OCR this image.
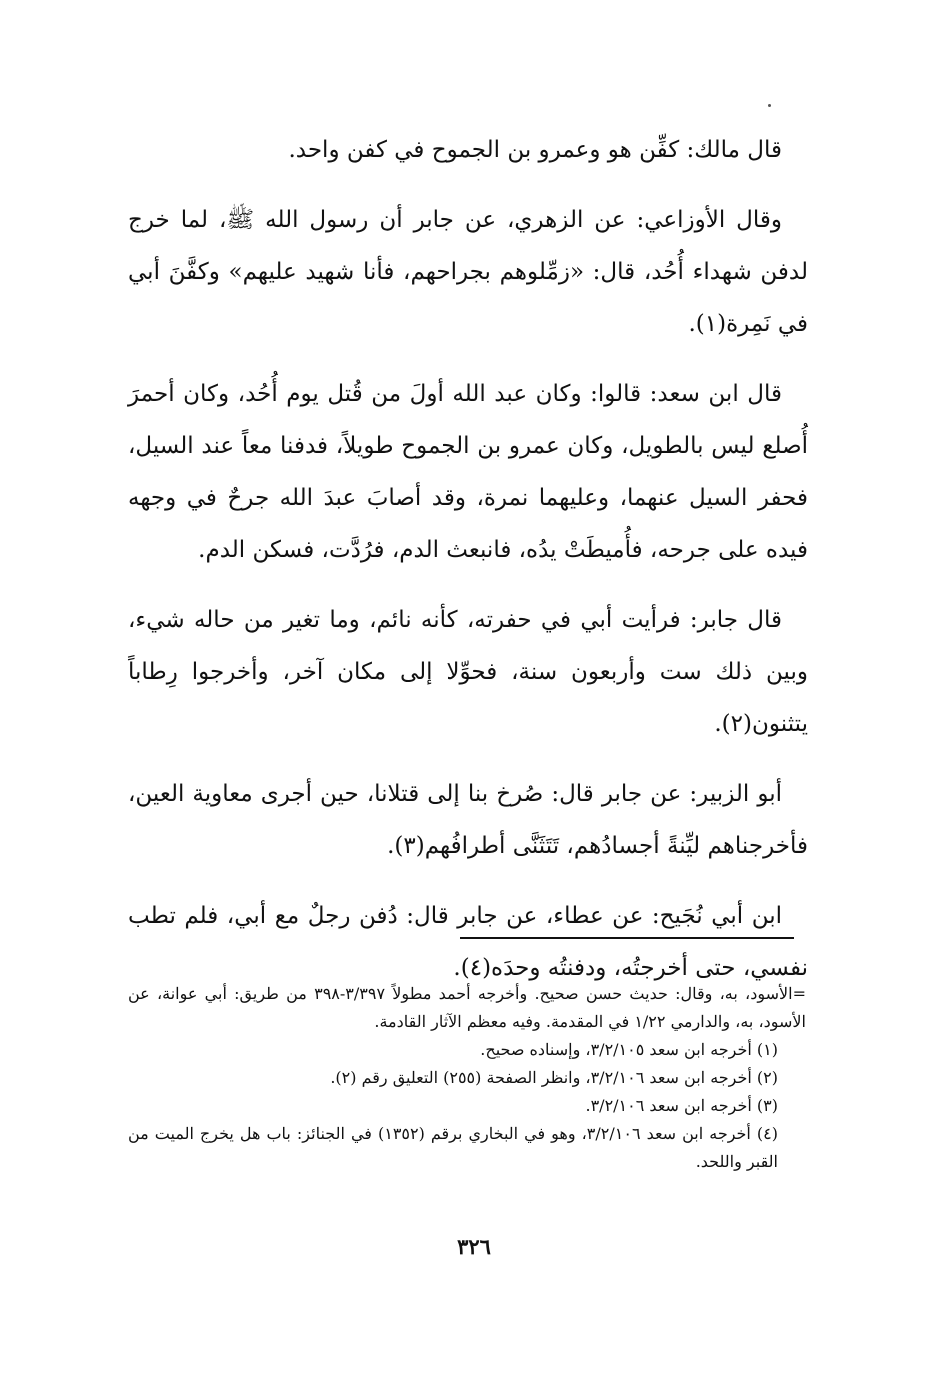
قال مالك: كفِّن هو وعمرو بن الجموح في كفن واحد.

وقال الأوزاعي: عن الزهري، عن جابر أن رسول الله ﷺ، لما خرج لدفن شهداء أُحُد، قال: «زمِّلوهم بجراحهم، فأنا شهيد عليهم» وكفَّنَ أبي في نَمِرة(١).

قال ابن سعد: قالوا: وكان عبد الله أولَ من قُتل يوم أُحُد، وكان أحمرَ أُصلع ليس بالطويل، وكان عمرو بن الجموح طويلاً، فدفنا معاً عند السيل، فحفر السيل عنهما، وعليهما نمرة، وقد أصابَ عبدَ الله جرحٌ في وجهه فيده على جرحه، فأُميطَتْ يدُه، فانبعث الدم، فرُدَّت، فسكن الدم.

قال جابر: فرأيت أبي في حفرته، كأنه نائم، وما تغير من حاله شيء، وبين ذلك ست وأربعون سنة، فحوِّلا إلى مكان آخر، وأخرجوا رِطاباً يتثنون(٢).

أبو الزبير: عن جابر قال: صُرخ بنا إلى قتلانا، حين أجرى معاوية العين، فأخرجناهم ليِّنةً أجسادُهم، تَتَثَنَّى أطرافُهم(٣).

ابن أبي نُجَيح: عن عطاء، عن جابر قال: دُفن رجلٌ مع أبي، فلم تطب نفسي، حتى أخرجتُه، ودفنتُه وحدَه(٤).

=الأسود، به، وقال: حديث حسن صحيح. وأخرجه أحمد مطولاً ٣/٣٩٧-٣٩٨ من طريق: أبي عوانة، عن الأسود، به، والدارمي ١/٢٢ في المقدمة. وفيه معظم الآثار القادمة.

(١) أخرجه ابن سعد ٣/٢/١٠٥، وإسناده صحيح.

(٢) أخرجه ابن سعد ٣/٢/١٠٦، وانظر الصفحة (٢٥٥) التعليق رقم (٢).

(٣) أخرجه ابن سعد ٣/٢/١٠٦.

(٤) أخرجه ابن سعد ٣/٢/١٠٦، وهو في البخاري برقم (١٣٥٢) في الجنائز: باب هل يخرج الميت من القبر واللحد.

٣٢٦
